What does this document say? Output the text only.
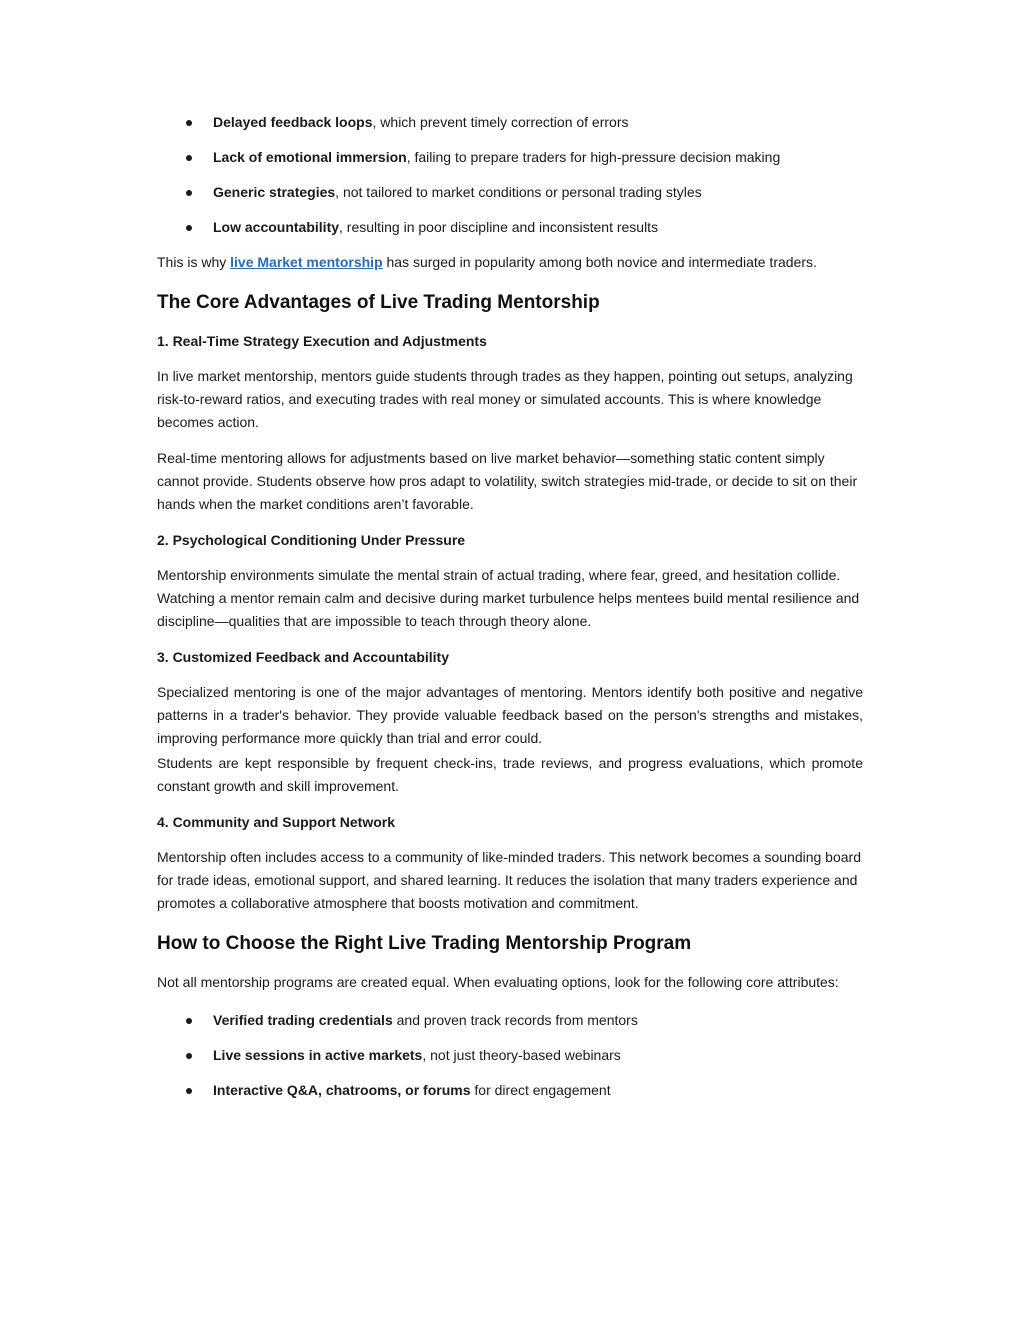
Delayed feedback loops, which prevent timely correction of errors
Lack of emotional immersion, failing to prepare traders for high-pressure decision making
Generic strategies, not tailored to market conditions or personal trading styles
Low accountability, resulting in poor discipline and inconsistent results

This is why live Market mentorship has surged in popularity among both novice and intermediate traders.

The Core Advantages of Live Trading Mentorship
1. Real-Time Strategy Execution and Adjustments

In live market mentorship, mentors guide students through trades as they happen, pointing out setups, analyzing risk-to-reward ratios, and executing trades with real money or simulated accounts. This is where knowledge becomes action.

Real-time mentoring allows for adjustments based on live market behavior—something static content simply cannot provide. Students observe how pros adapt to volatility, switch strategies mid-trade, or decide to sit on their hands when the market conditions aren’t favorable.

2. Psychological Conditioning Under Pressure

Mentorship environments simulate the mental strain of actual trading, where fear, greed, and hesitation collide. Watching a mentor remain calm and decisive during market turbulence helps mentees build mental resilience and discipline—qualities that are impossible to teach through theory alone.

3. Customized Feedback and Accountability

Specialized mentoring is one of the major advantages of mentoring. Mentors identify both positive and negative patterns in a trader's behavior. They provide valuable feedback based on the person's strengths and mistakes, improving performance more quickly than trial and error could.

Students are kept responsible by frequent check-ins, trade reviews, and progress evaluations, which promote constant growth and skill improvement.

4. Community and Support Network

Mentorship often includes access to a community of like-minded traders. This network becomes a sounding board for trade ideas, emotional support, and shared learning. It reduces the isolation that many traders experience and promotes a collaborative atmosphere that boosts motivation and commitment.

How to Choose the Right Live Trading Mentorship Program

Not all mentorship programs are created equal. When evaluating options, look for the following core attributes:

Verified trading credentials and proven track records from mentors
Live sessions in active markets, not just theory-based webinars
Interactive Q&A, chatrooms, or forums for direct engagement
